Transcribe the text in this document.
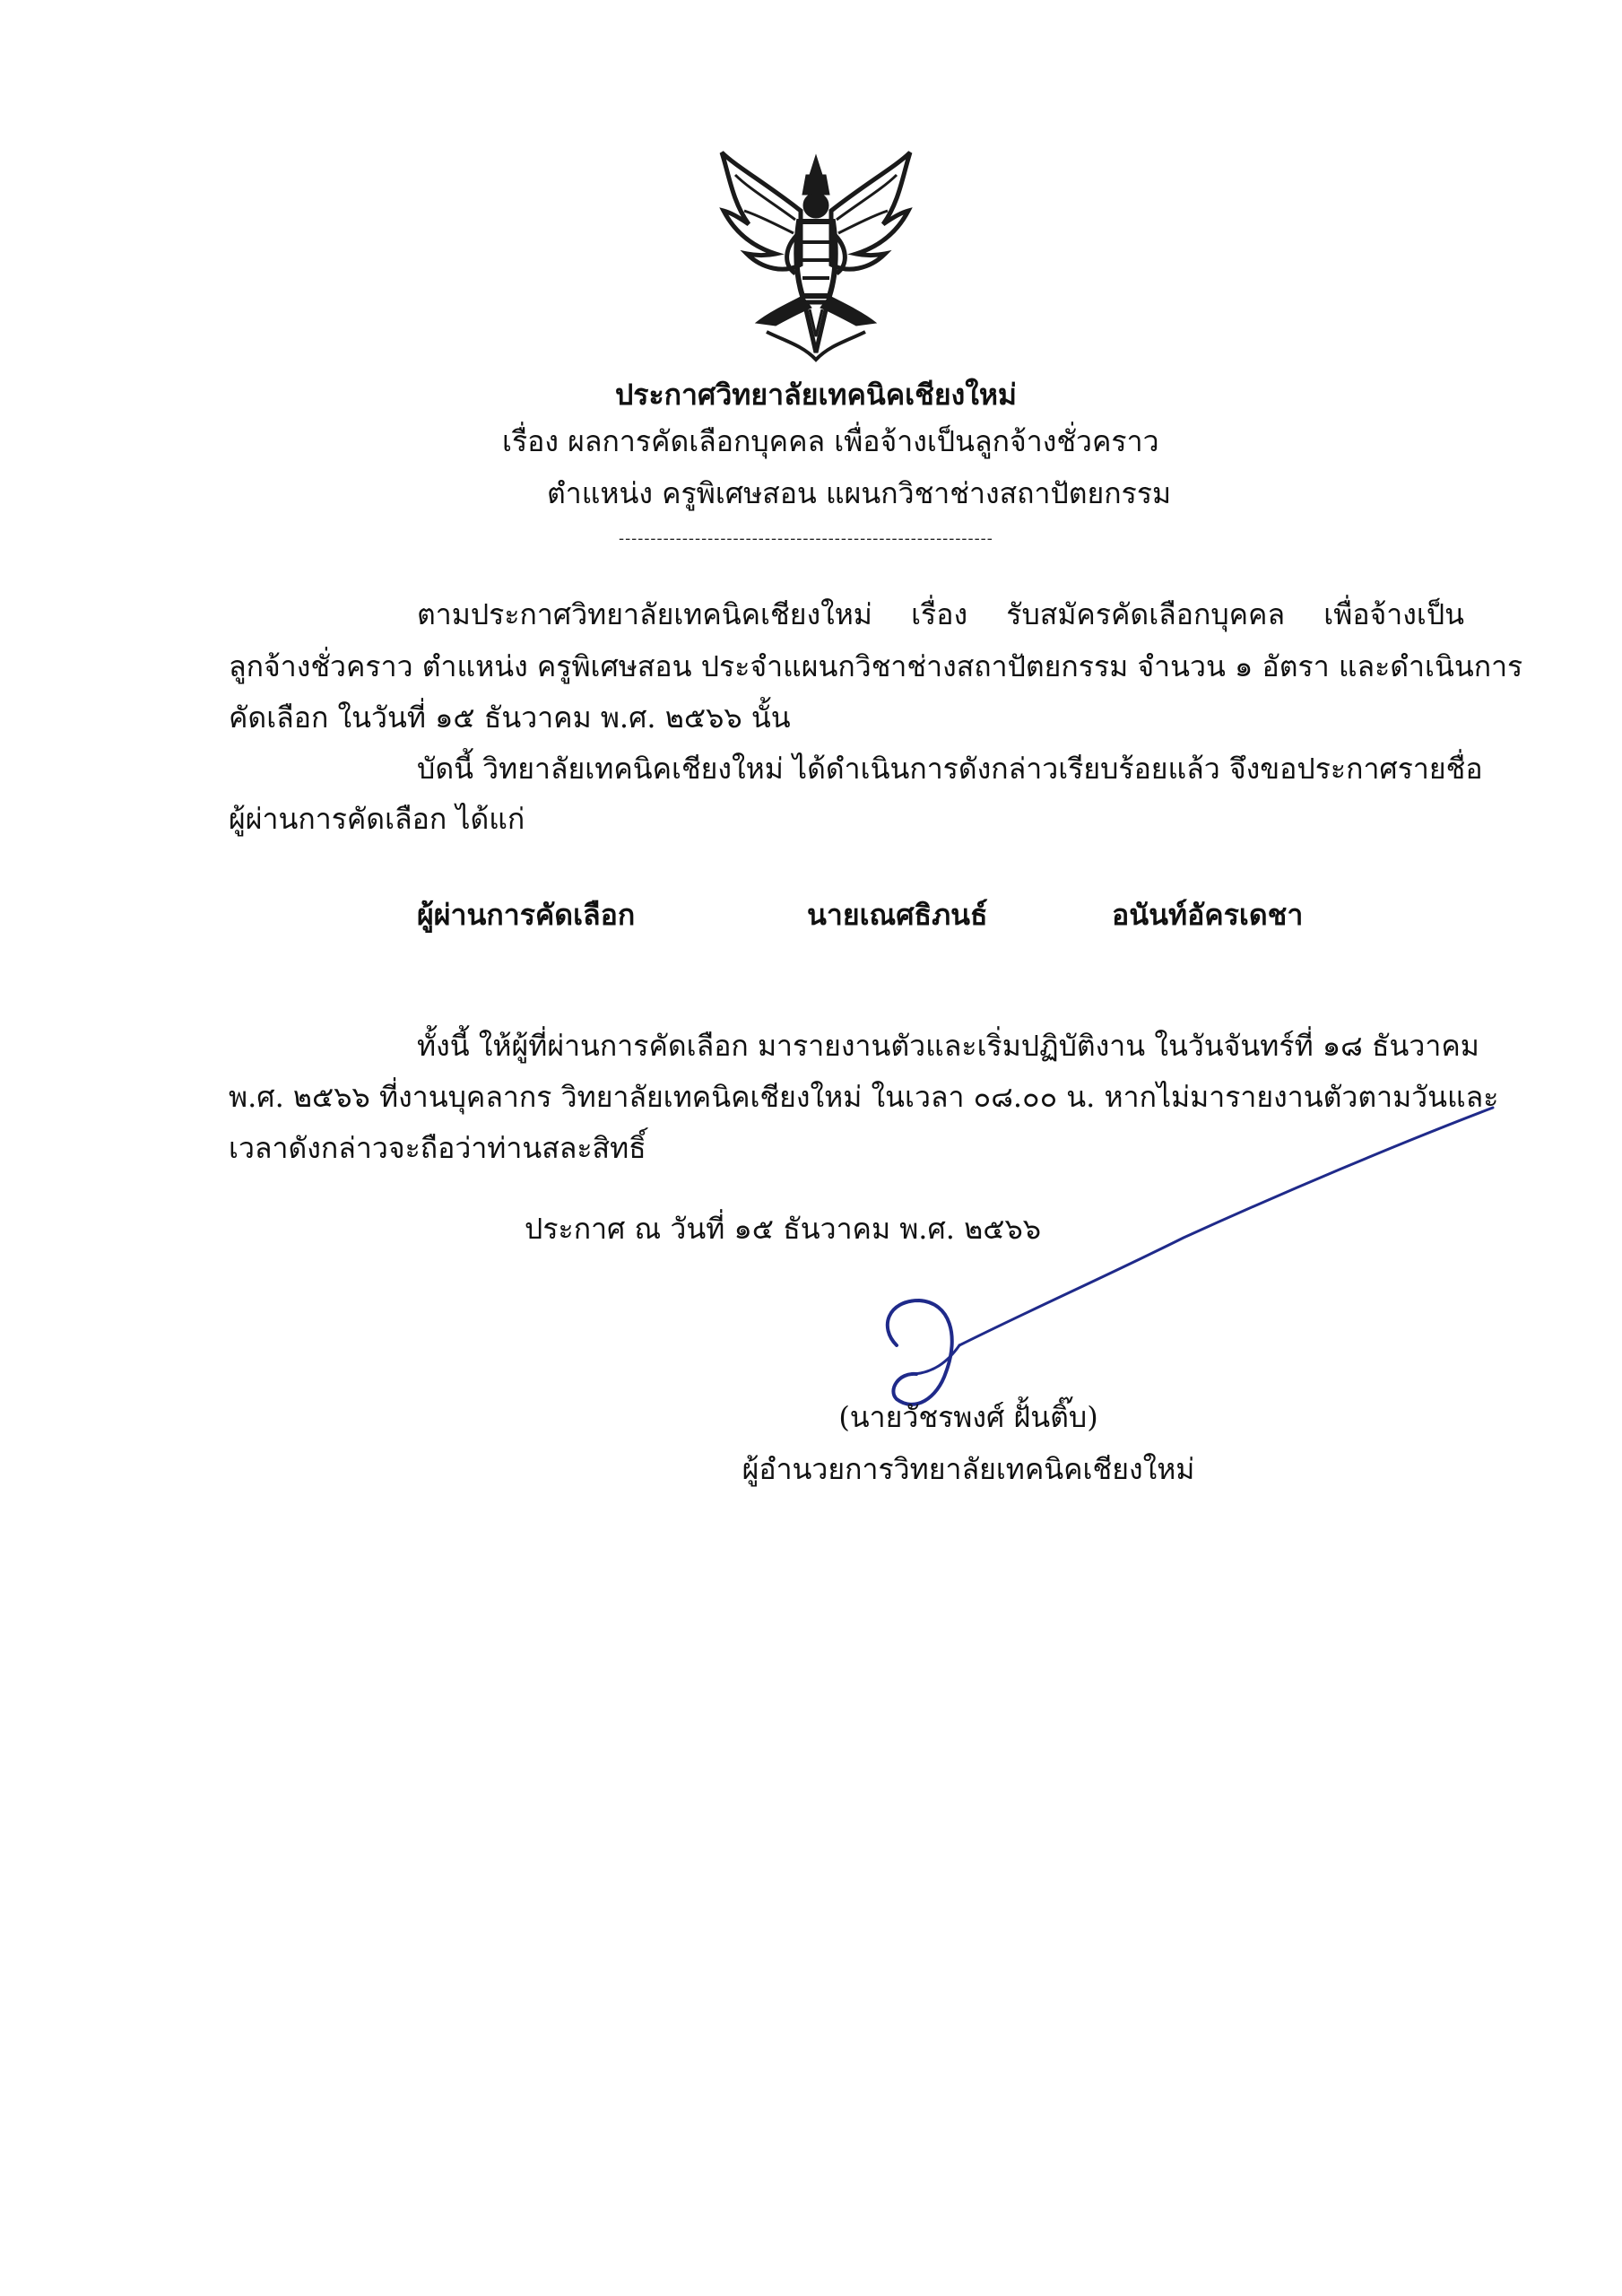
ประกาศวิทยาลัยเทคนิคเชียงใหม่
เรื่อง ผลการคัดเลือกบุคคล เพื่อจ้างเป็นลูกจ้างชั่วคราว
ตำแหน่ง ครูพิเศษสอน แผนกวิชาช่างสถาปัตยกรรม
-----------------------------------------------------------
ตามประกาศวิทยาลัยเทคนิคเชียงใหม่ เรื่อง รับสมัครคัดเลือกบุคคล เพื่อจ้างเป็น
ลูกจ้างชั่วคราว ตำแหน่ง ครูพิเศษสอน ประจำแผนกวิชาช่างสถาปัตยกรรม จำนวน ๑ อัตรา และดำเนินการ
คัดเลือก ในวันที่ ๑๕ ธันวาคม พ.ศ. ๒๕๖๖ นั้น
บัดนี้ วิทยาลัยเทคนิคเชียงใหม่ ได้ดำเนินการดังกล่าวเรียบร้อยแล้ว จึงขอประกาศรายชื่อ
ผู้ผ่านการคัดเลือก ได้แก่
ผู้ผ่านการคัดเลือก	นายเณศธิภนธ์	อนันท์อัครเดชา
ทั้งนี้ ให้ผู้ที่ผ่านการคัดเลือก มารายงานตัวและเริ่มปฏิบัติงาน ในวันจันทร์ที่ ๑๘ ธันวาคม
พ.ศ. ๒๕๖๖ ที่งานบุคลากร วิทยาลัยเทคนิคเชียงใหม่ ในเวลา ๐๘.๐๐ น. หากไม่มารายงานตัวตามวันและ
เวลาดังกล่าวจะถือว่าท่านสละสิทธิ์
ประกาศ ณ วันที่ ๑๕ ธันวาคม พ.ศ. ๒๕๖๖
(นายวัชรพงศ์ ฝั้นติ๊บ)
ผู้อำนวยการวิทยาลัยเทคนิคเชียงใหม่
